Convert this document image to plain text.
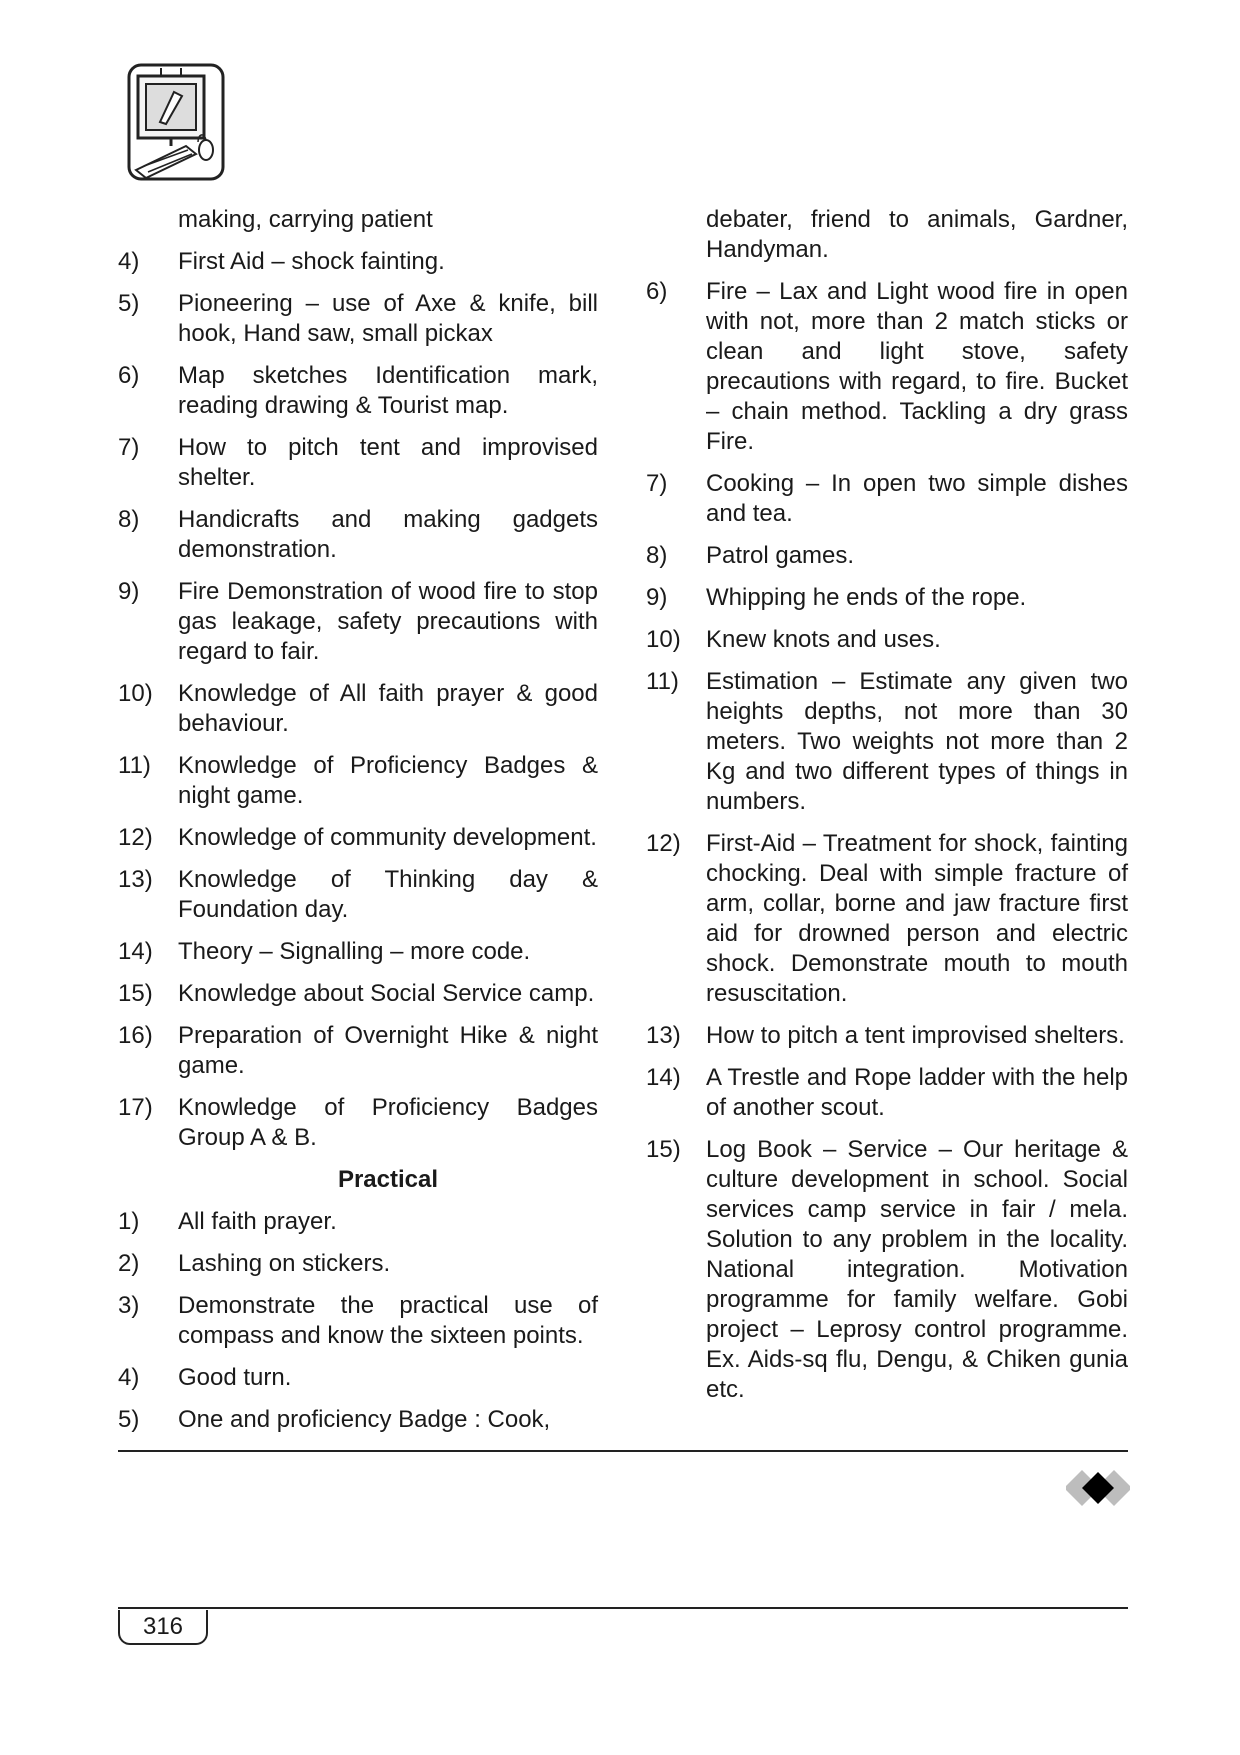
making, carrying patient
4)	First Aid – shock fainting.
5)	Pioneering – use of Axe & knife, bill hook, Hand saw, small pickax
6)	Map sketches Identification mark, reading drawing & Tourist map.
7)	How to pitch tent and improvised shelter.
8)	Handicrafts and making gadgets demonstration.
9)	Fire Demonstration of wood fire to stop gas leakage, safety precautions with regard to fair.
10)	Knowledge of All faith prayer & good behaviour.
11)	Knowledge of Proficiency Badges & night game.
12)	Knowledge of community development.
13)	Knowledge of Thinking day & Foundation day.
14)	Theory – Signalling – more code.
15)	Knowledge about Social Service camp.
16)	Preparation of Overnight Hike & night game.
17)	Knowledge of Proficiency Badges Group A & B.
Practical
1)	All faith prayer.
2)	Lashing on stickers.
3)	Demonstrate the practical use of compass and know the sixteen points.
4)	Good turn.
5)	One and proficiency Badge : Cook,
debater, friend to animals, Gardner, Handyman.
6)	Fire – Lax and Light wood fire in open with not, more than 2 match sticks or clean and light stove, safety precautions with regard, to fire. Bucket – chain method. Tackling a dry grass Fire.
7)	Cooking – In open two simple dishes and tea.
8)	Patrol games.
9)	Whipping he ends of the rope.
10)	Knew knots and uses.
11)	Estimation – Estimate any given two heights depths, not more than 30 meters. Two weights not more than 2 Kg and two different types of things in numbers.
12)	First-Aid – Treatment for shock, fainting chocking. Deal with simple fracture of arm, collar, borne and jaw fracture first aid for drowned person and electric shock. Demonstrate mouth to mouth resuscitation.
13)	How to pitch a tent improvised shelters.
14)	A Trestle and Rope ladder with the help of another scout.
15)	Log Book – Service – Our heritage & culture development in school. Social services camp service in fair / mela. Solution to any problem in the locality. National integration. Motivation programme for family welfare. Gobi project – Leprosy control programme. Ex. Aids-sq flu, Dengu, & Chiken gunia etc.
316
